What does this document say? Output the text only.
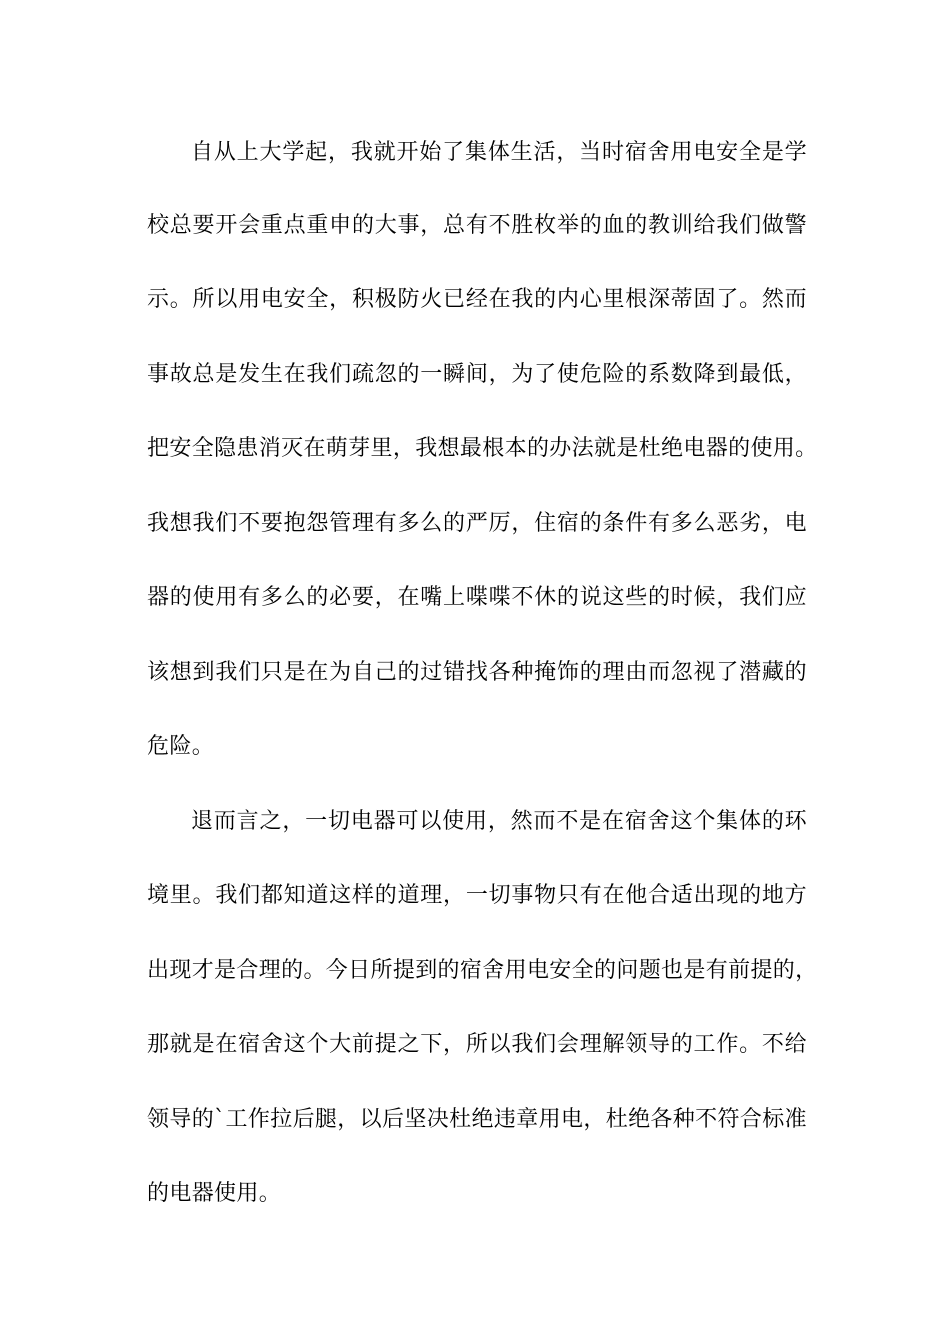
自从上大学起，我就开始了集体生活，当时宿舍用电安全是学
校总要开会重点重申的大事，总有不胜枚举的血的教训给我们做警
示。所以用电安全，积极防火已经在我的内心里根深蒂固了。然而
事故总是发生在我们疏忽的一瞬间，为了使危险的系数降到最低，
把安全隐患消灭在萌芽里，我想最根本的办法就是杜绝电器的使用。
我想我们不要抱怨管理有多么的严厉，住宿的条件有多么恶劣，电
器的使用有多么的必要，在嘴上喋喋不休的说这些的时候，我们应
该想到我们只是在为自己的过错找各种掩饰的理由而忽视了潜藏的
危险。
退而言之，一切电器可以使用，然而不是在宿舍这个集体的环
境里。我们都知道这样的道理，一切事物只有在他合适出现的地方
出现才是合理的。今日所提到的宿舍用电安全的问题也是有前提的，
那就是在宿舍这个大前提之下，所以我们会理解领导的工作。不给
领导的`工作拉后腿，以后坚决杜绝违章用电，杜绝各种不符合标准
的电器使用。
